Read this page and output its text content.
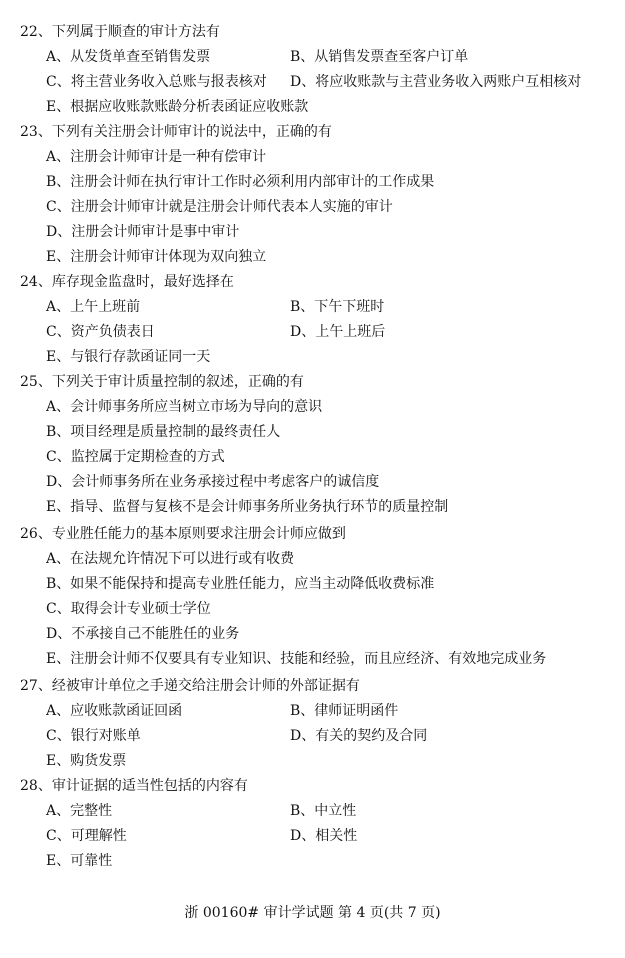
22、下列属于顺查的审计方法有
A、从发货单查至销售发票	B、从销售发票查至客户订单
C、将主营业务收入总账与报表核对 D、将应收账款与主营业务收入两账户互相核对
E、根据应收账款账龄分析表函证应收账款
23、下列有关注册会计师审计的说法中，正确的有
A、注册会计师审计是一种有偿审计
B、注册会计师在执行审计工作时必须利用内部审计的工作成果
C、注册会计师审计就是注册会计师代表本人实施的审计
D、注册会计师审计是事中审计
E、注册会计师审计体现为双向独立
24、库存现金监盘时，最好选择在
A、上午上班前	B、下午下班时
C、资产负债表日	D、上午上班后
E、与银行存款函证同一天
25、下列关于审计质量控制的叙述，正确的有
A、会计师事务所应当树立市场为导向的意识
B、项目经理是质量控制的最终责任人
C、监控属于定期检查的方式
D、会计师事务所在业务承接过程中考虑客户的诚信度
E、指导、监督与复核不是会计师事务所业务执行环节的质量控制
26、专业胜任能力的基本原则要求注册会计师应做到
A、在法规允许情况下可以进行或有收费
B、如果不能保持和提高专业胜任能力，应当主动降低收费标准
C、取得会计专业硕士学位
D、不承接自己不能胜任的业务
E、注册会计师不仅要具有专业知识、技能和经验，而且应经济、有效地完成业务
27、经被审计单位之手递交给注册会计师的外部证据有
A、应收账款函证回函	B、律师证明函件
C、银行对账单	D、有关的契约及合同
E、购货发票
28、审计证据的适当性包括的内容有
A、完整性	B、中立性
C、可理解性	D、相关性
E、可靠性
浙 00160# 审计学试题 第 4 页(共 7 页)
